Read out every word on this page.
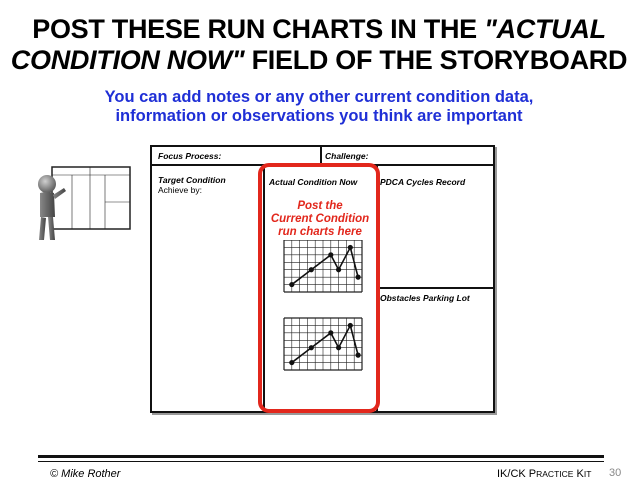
POST THESE RUN CHARTS IN THE "ACTUAL CONDITION NOW" FIELD OF THE STORYBOARD
You can add notes or any other current condition data,
information or observations you think are important
Focus Process:	Challenge:
Target Condition
Achieve by:
Actual Condition Now	PDCA Cycles Record
Obstacles Parking Lot
Post the
Current Condition
run charts here
© Mike Rother	IK/CK PRACTICE KIT 30
